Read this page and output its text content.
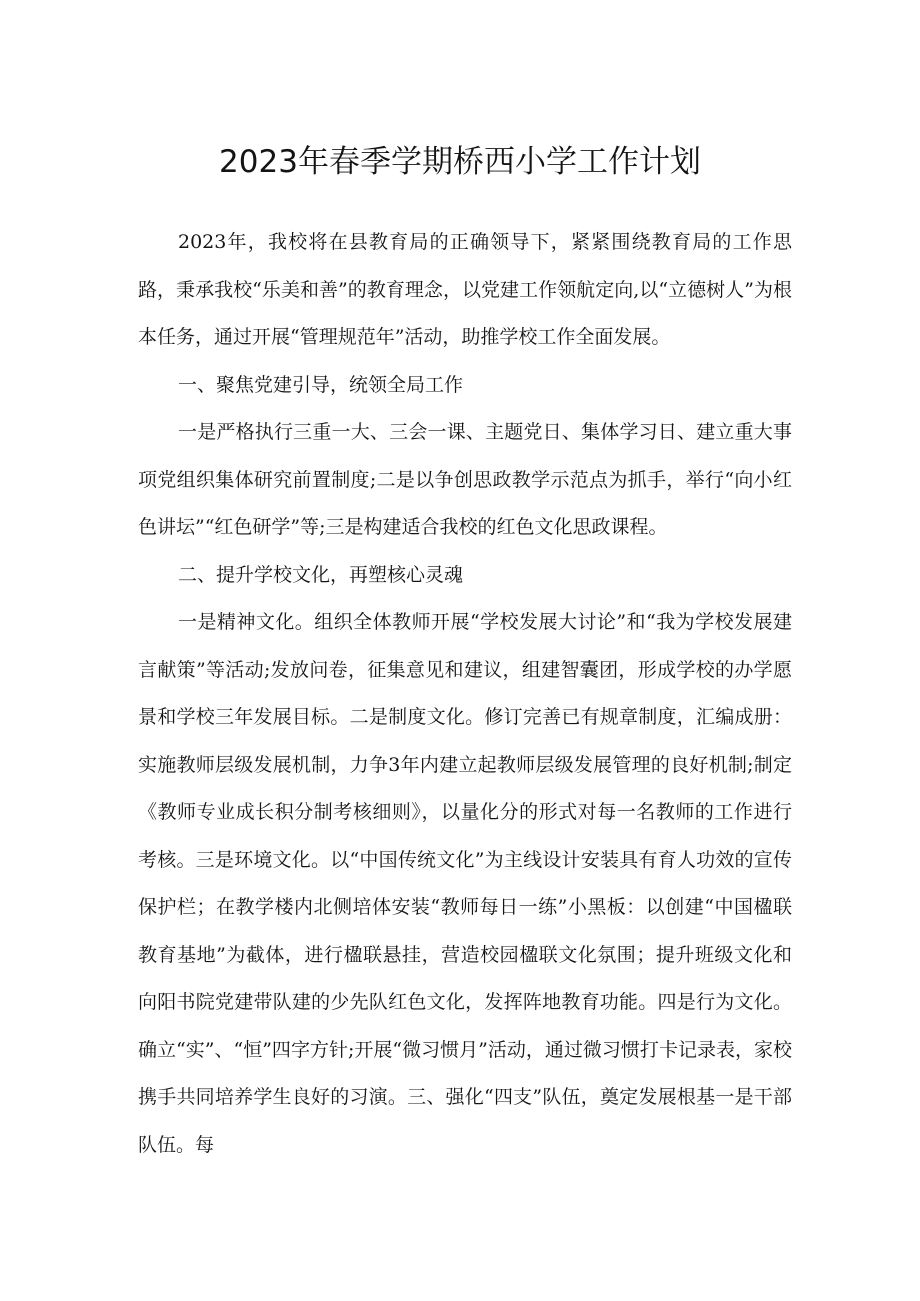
2023年春季学期桥西小学工作计划

2023年，我校将在县教育局的正确领导下，紧紧围绕教育局的工作思路，秉承我校“乐美和善”的教育理念，以党建工作领航定向,以“立德树人”为根本任务，通过开展“管理规范年”活动，助推学校工作全面发展。

一、聚焦党建引导，统领全局工作

一是严格执行三重一大、三会一课、主题党日、集体学习日、建立重大事项党组织集体研究前置制度;二是以争创思政教学示范点为抓手，举行“向小红色讲坛”“红色研学”等;三是构建适合我校的红色文化思政课程。

二、提升学校文化，再塑核心灵魂

一是精神文化。组织全体教师开展“学校发展大讨论”和“我为学校发展建言献策”等活动;发放问卷，征集意见和建议，组建智囊团，形成学校的办学愿景和学校三年发展目标。二是制度文化。修订完善已有规章制度，汇编成册：实施教师层级发展机制，力争3年内建立起教师层级发展管理的良好机制;制定《教师专业成长积分制考核细则》，以量化分的形式对每一名教师的工作进行考核。三是环境文化。以“中国传统文化”为主线设计安装具有育人功效的宣传保护栏；在教学楼内北侧培体安装“教师每日一练”小黑板：以创建“中国楹联教育基地”为截体，进行楹联悬挂，营造校园楹联文化氛围；提升班级文化和向阳书院党建带队建的少先队红色文化，发挥阵地教育功能。四是行为文化。确立“实”、“恒”四字方针;开展“微习惯月”活动，通过微习惯打卡记录表，家校携手共同培养学生良好的习演。三、强化“四支”队伍，奠定发展根基一是干部队伍。每
